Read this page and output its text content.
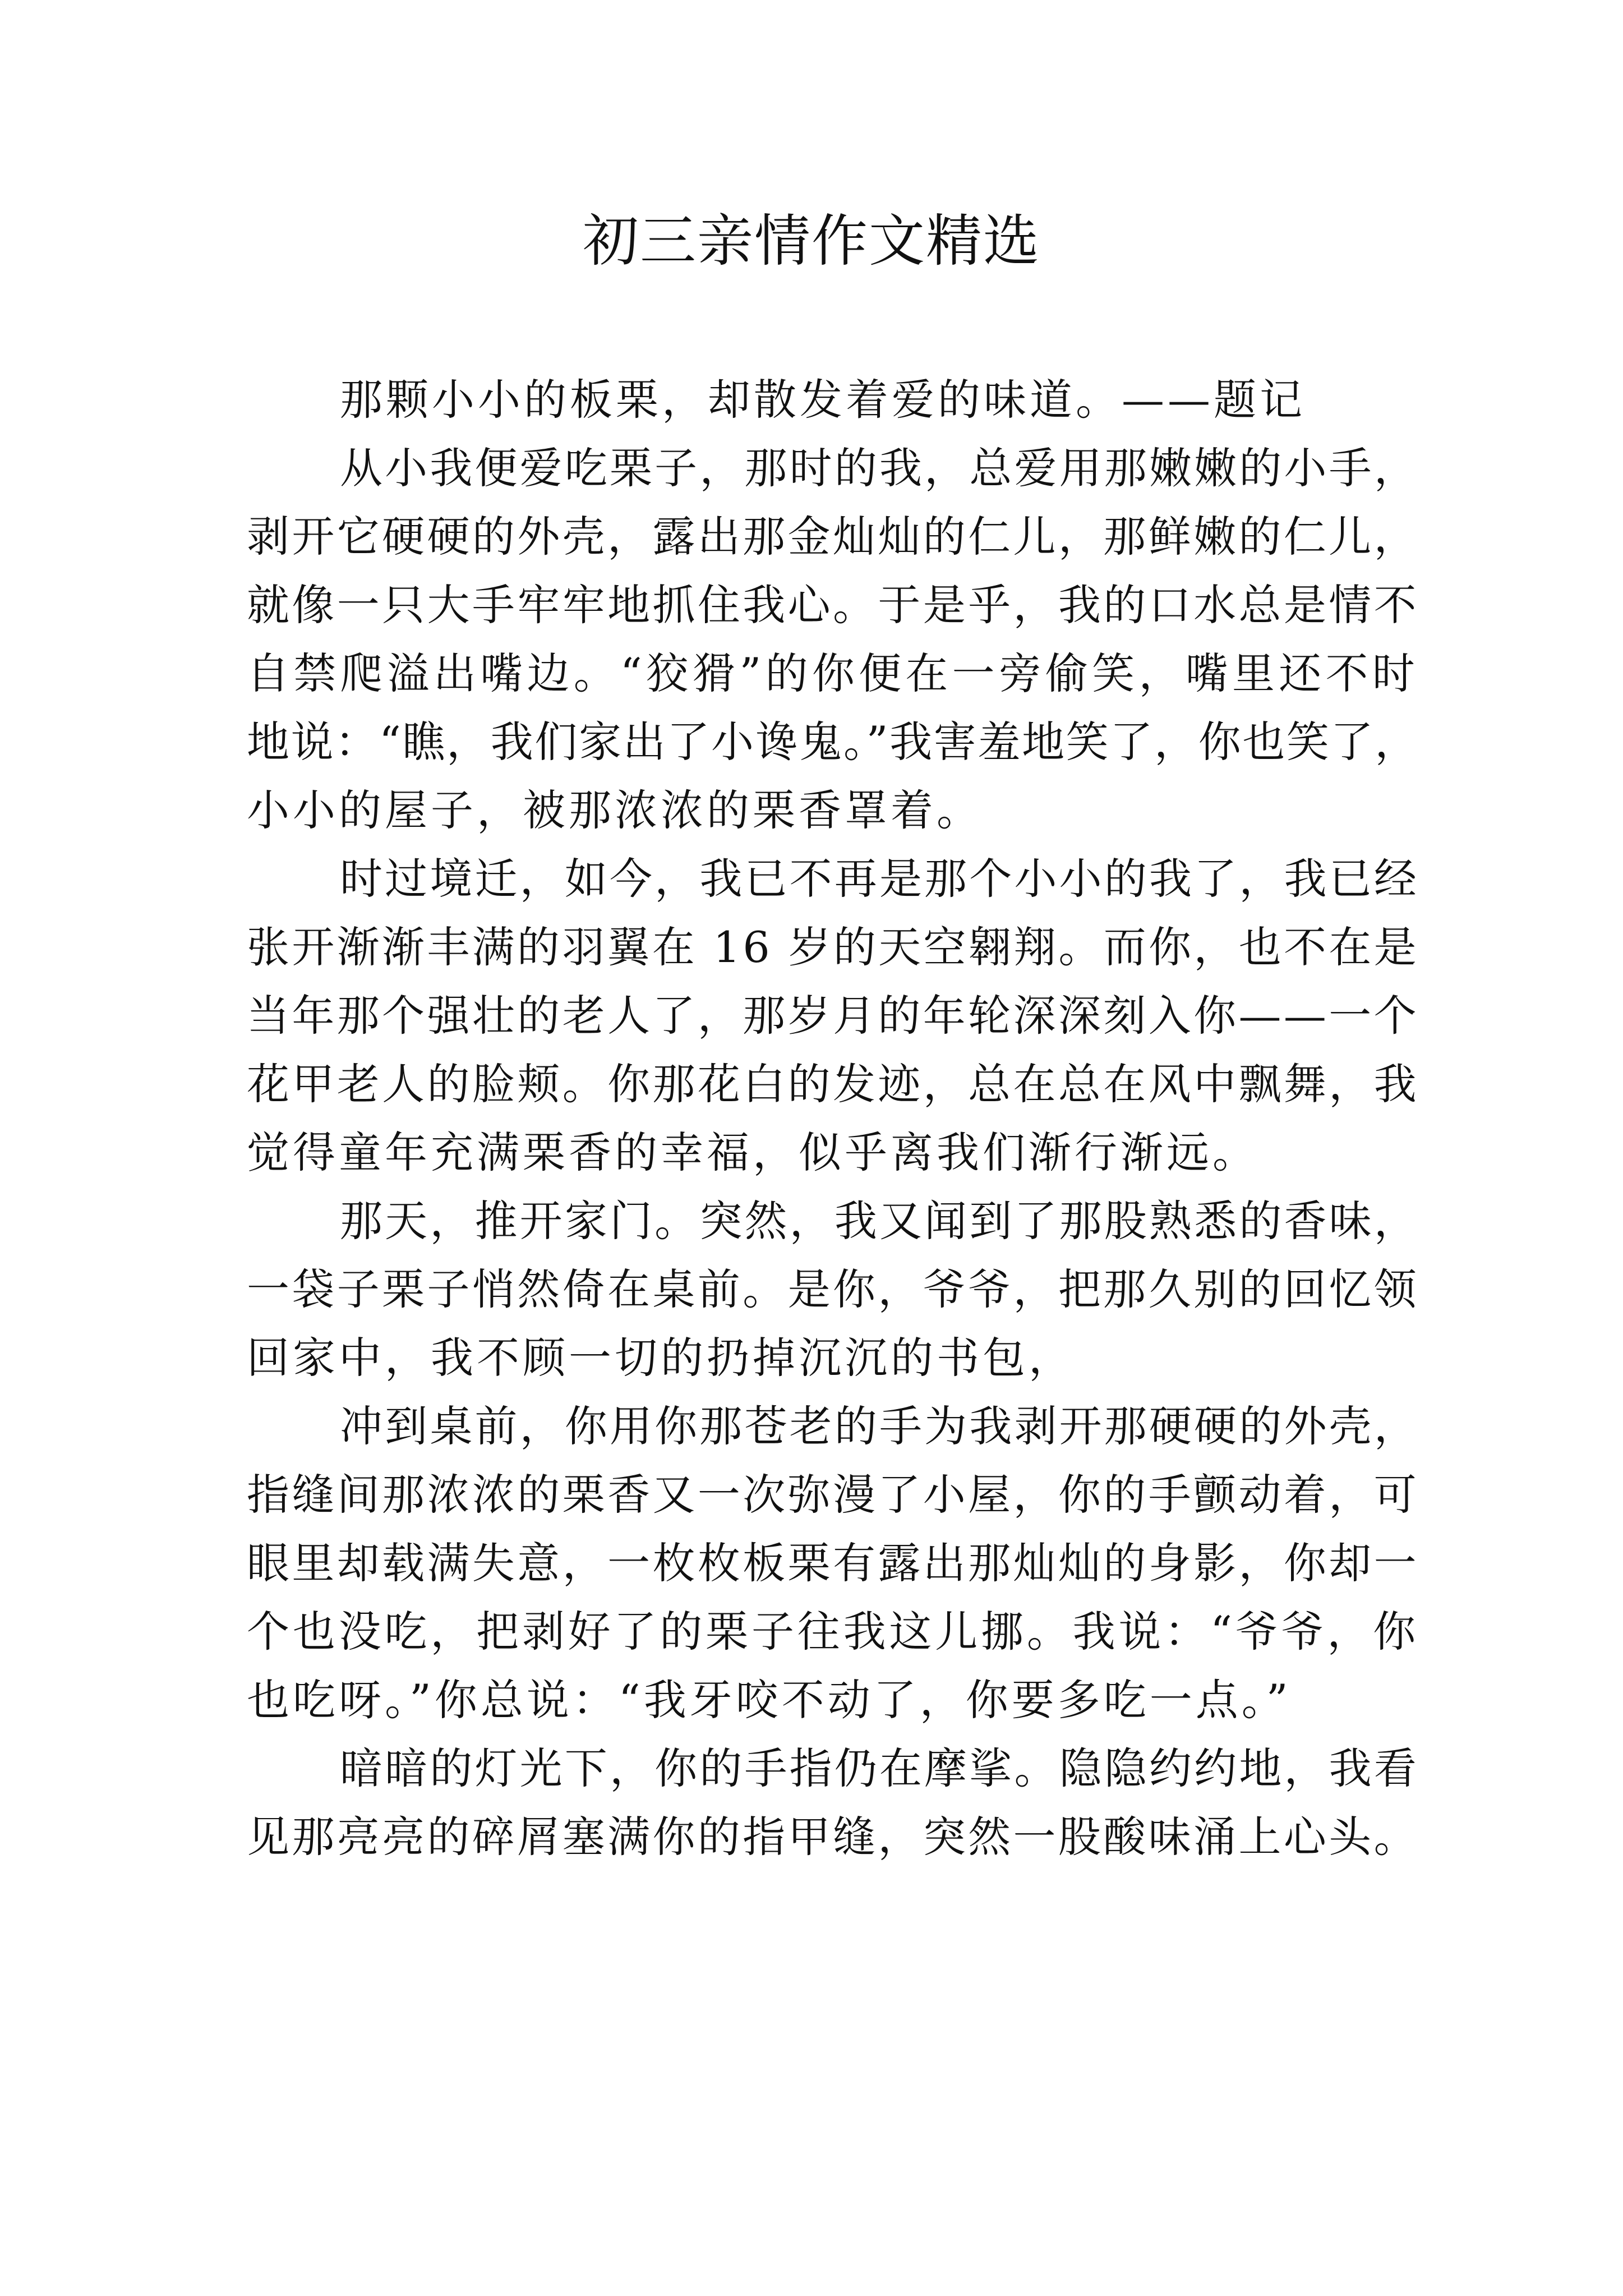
初三亲情作文精选
那颗小小的板栗，却散发着爱的味道。——题记
从小我便爱吃栗子，那时的我，总爱用那嫩嫩的小手，
剥开它硬硬的外壳，露出那金灿灿的仁儿，那鲜嫩的仁儿，
就像一只大手牢牢地抓住我心。于是乎，我的口水总是情不
自禁爬溢出嘴边。“狡猾”的你便在一旁偷笑，嘴里还不时
地说：“瞧，我们家出了小谗鬼。”我害羞地笑了，你也笑了，
小小的屋子，被那浓浓的栗香罩着。
时过境迁，如今，我已不再是那个小小的我了，我已经
张开渐渐丰满的羽翼在 16 岁的天空翱翔。而你，也不在是
当年那个强壮的老人了，那岁月的年轮深深刻入你——一个
花甲老人的脸颊。你那花白的发迹，总在总在风中飘舞，我
觉得童年充满栗香的幸福，似乎离我们渐行渐远。
那天，推开家门。突然，我又闻到了那股熟悉的香味，
一袋子栗子悄然倚在桌前。是你，爷爷，把那久别的回忆领
回家中，我不顾一切的扔掉沉沉的书包，
冲到桌前，你用你那苍老的手为我剥开那硬硬的外壳，
指缝间那浓浓的栗香又一次弥漫了小屋，你的手颤动着，可
眼里却载满失意，一枚枚板栗有露出那灿灿的身影，你却一
个也没吃，把剥好了的栗子往我这儿挪。我说：“爷爷，你
也吃呀。”你总说：“我牙咬不动了，你要多吃一点。”
暗暗的灯光下，你的手指仍在摩挲。隐隐约约地，我看
见那亮亮的碎屑塞满你的指甲缝，突然一股酸味涌上心头。
